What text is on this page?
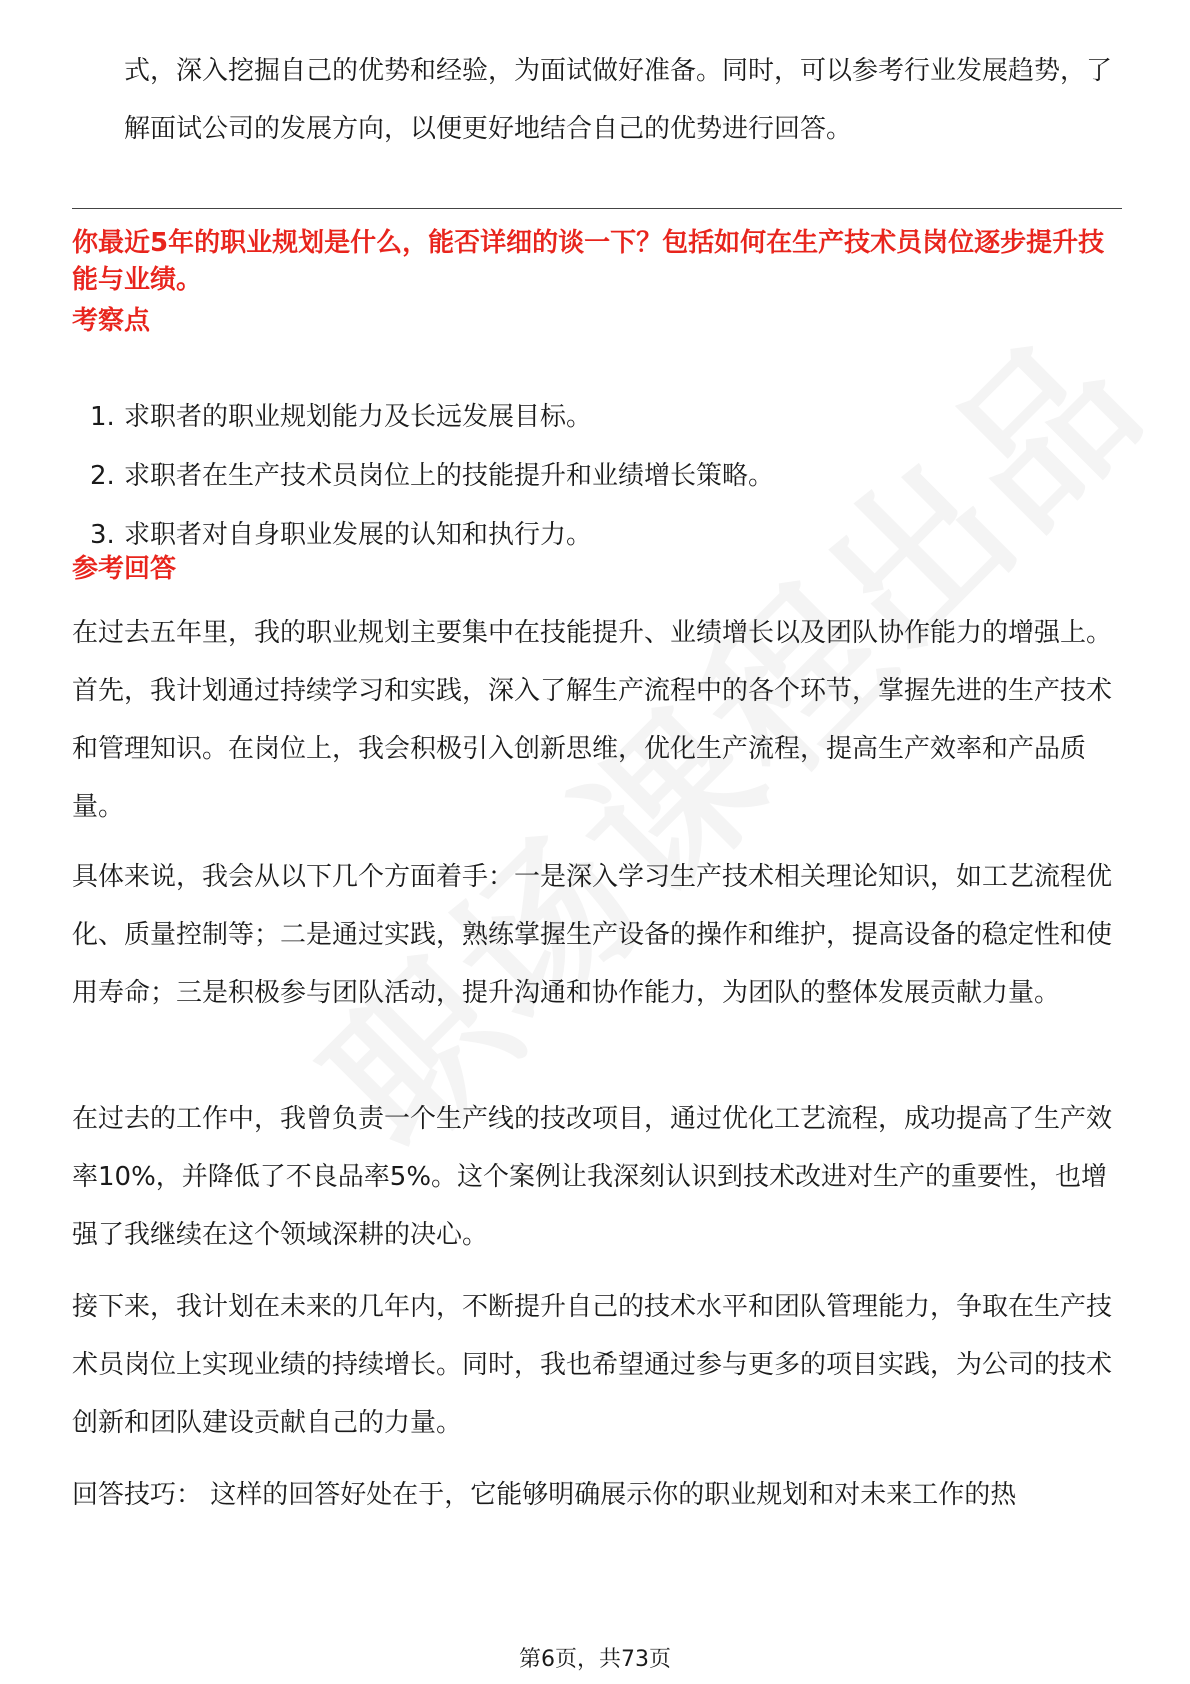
式，深入挖掘自己的优势和经验，为面试做好准备。同时，可以参考行业发展趋势，了解面试公司的发展方向，以便更好地结合自己的优势进行回答。

你最近5年的职业规划是什么，能否详细的谈一下？包括如何在生产技术员岗位逐步提升技能与业绩。

考察点

1. 求职者的职业规划能力及长远发展目标。
2. 求职者在生产技术员岗位上的技能提升和业绩增长策略。
3. 求职者对自身职业发展的认知和执行力。

参考回答

在过去五年里，我的职业规划主要集中在技能提升、业绩增长以及团队协作能力的增强上。首先，我计划通过持续学习和实践，深入了解生产流程中的各个环节，掌握先进的生产技术和管理知识。在岗位上，我会积极引入创新思维，优化生产流程，提高生产效率和产品质量。

具体来说，我会从以下几个方面着手：一是深入学习生产技术相关理论知识，如工艺流程优化、质量控制等；二是通过实践，熟练掌握生产设备的操作和维护，提高设备的稳定性和使用寿命；三是积极参与团队活动，提升沟通和协作能力，为团队的整体发展贡献力量。

在过去的工作中，我曾负责一个生产线的技改项目，通过优化工艺流程，成功提高了生产效率10%，并降低了不良品率5%。这个案例让我深刻认识到技术改进对生产的重要性，也增强了我继续在这个领域深耕的决心。

接下来，我计划在未来的几年内，不断提升自己的技术水平和团队管理能力，争取在生产技术员岗位上实现业绩的持续增长。同时，我也希望通过参与更多的项目实践，为公司的技术创新和团队建设贡献自己的力量。

回答技巧： 这样的回答好处在于，它能够明确展示你的职业规划和对未来工作的热

第6页，共73页
